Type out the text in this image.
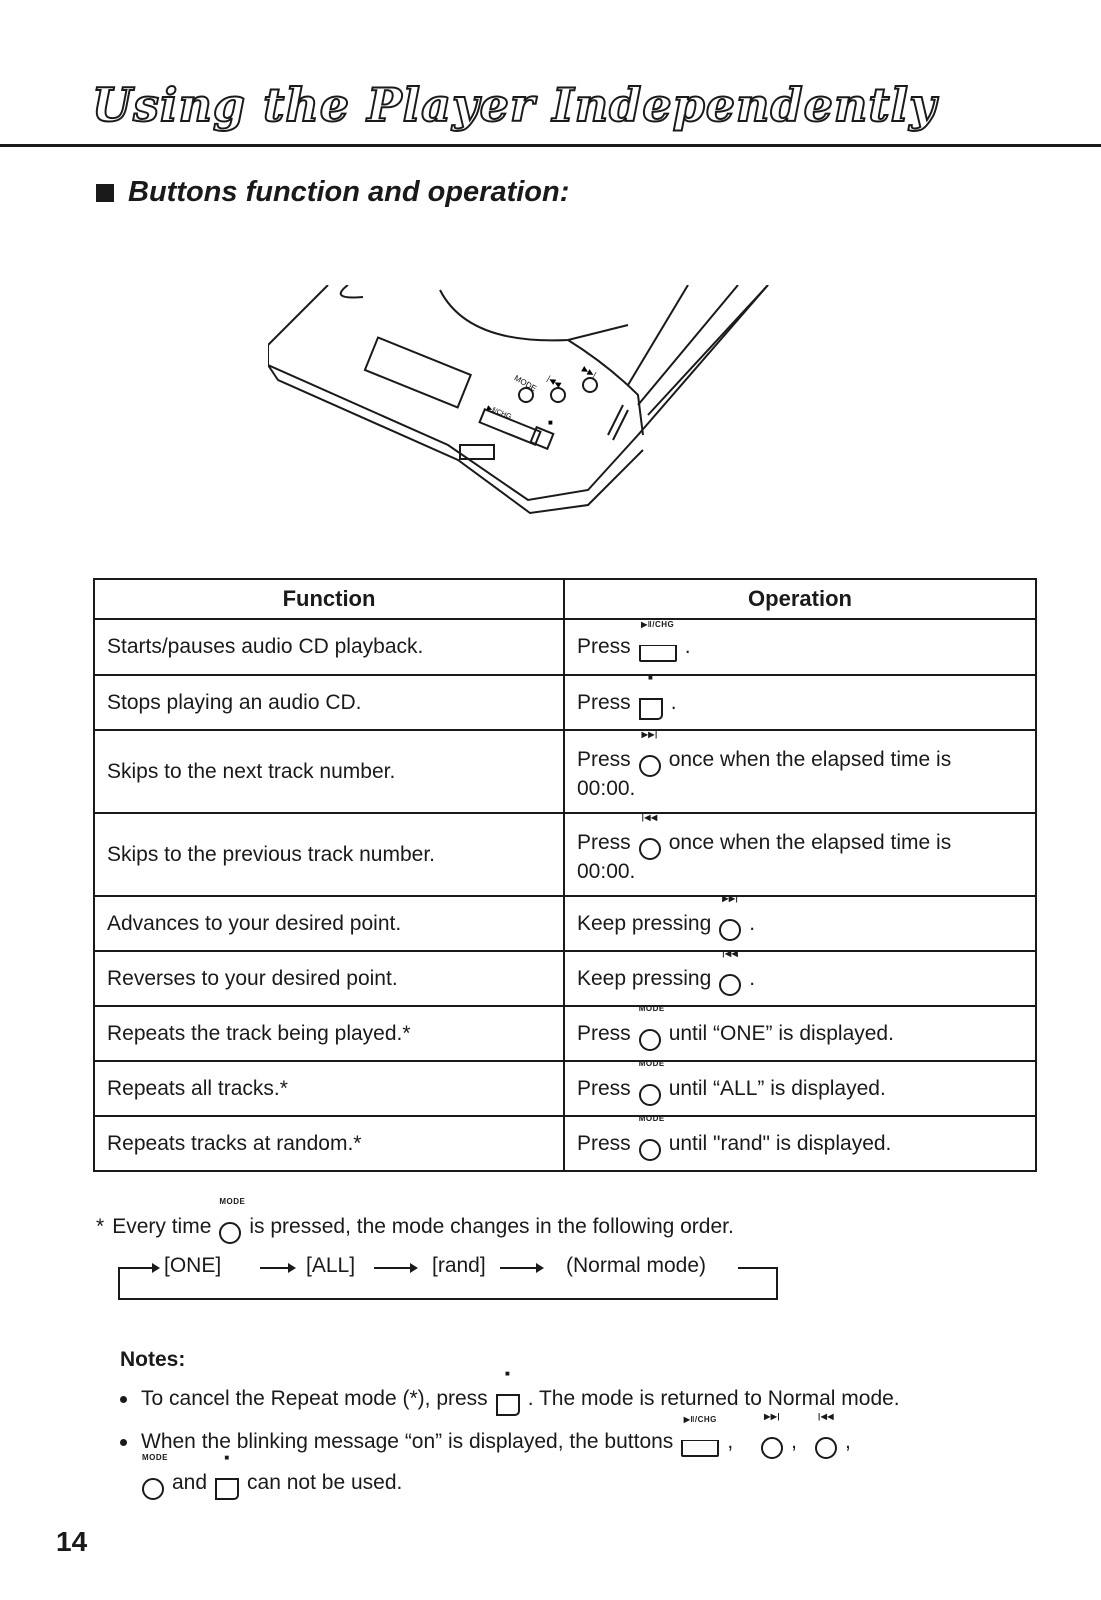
Using the Player Independently
Buttons function and operation:
MODE |◀◀
▶▶|
▶‖/CHG
■
Function	Operation
Starts/pauses audio CD playback.	Press
▶‖/CHG
.

Stops playing an audio CD.	Press
■
.

Skips to the next track number.	Press
▶▶|
once when the elapsed time is
00:00.

Skips to the previous track number.	Press
|◀◀
once when the elapsed time is
00:00.

Advances to your desired point.	Keep pressing
▶▶|
.

Reverses to your desired point.	Keep pressing
|◀◀
.

Repeats the track being played.*	Press
MODE
until “ONE” is displayed.

Repeats all tracks.*	Press
MODE
until “ALL” is displayed.

Repeats tracks at random.*	Press
MODE
until "rand" is displayed.
* Every time
MODE
is pressed, the mode changes in the following order.
[ONE]	[ALL]	[rand]	(Normal mode)
Notes:
To cancel the Repeat mode (*), press
■
. The mode is returned to Normal mode.
When the blinking message “on” is displayed, the buttons
▶‖/CHG
,
▶▶|
,
|◀◀
,
MODE
and
■
can not be used.
14
